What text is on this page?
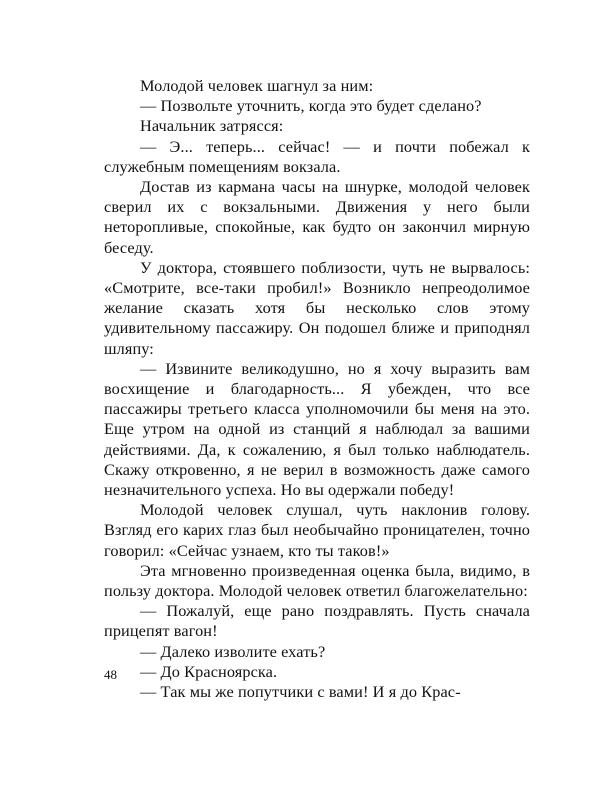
Молодой человек шагнул за ним:

— Позвольте уточнить, когда это будет сделано?

Начальник затрясся:

— Э... теперь... сейчас! — и почти побежал к служебным помещениям вокзала.

Достав из кармана часы на шнурке, молодой человек сверил их с вокзальными. Движения у него были неторопливые, спокойные, как будто он закончил мирную беседу.

У доктора, стоявшего поблизости, чуть не вырвалось: «Смотрите, все-таки пробил!» Возникло непреодолимое желание сказать хотя бы несколько слов этому удивительному пассажиру. Он подошел ближе и приподнял шляпу:

— Извините великодушно, но я хочу выразить вам восхищение и благодарность... Я убежден, что все пассажиры третьего класса уполномочили бы меня на это. Еще утром на одной из станций я наблюдал за вашими действиями. Да, к сожалению, я был только наблюдатель. Скажу откровенно, я не верил в возможность даже самого незначительного успеха. Но вы одержали победу!

Молодой человек слушал, чуть наклонив голову. Взгляд его карих глаз был необычайно проницателен, точно говорил: «Сейчас узнаем, кто ты таков!»

Эта мгновенно произведенная оценка была, видимо, в пользу доктора. Молодой человек ответил благожелательно:

— Пожалуй, еще рано поздравлять. Пусть сначала прицепят вагон!

— Далеко изволите ехать?

— До Красноярска.

— Так мы же попутчики с вами! И я до Крас-

48
